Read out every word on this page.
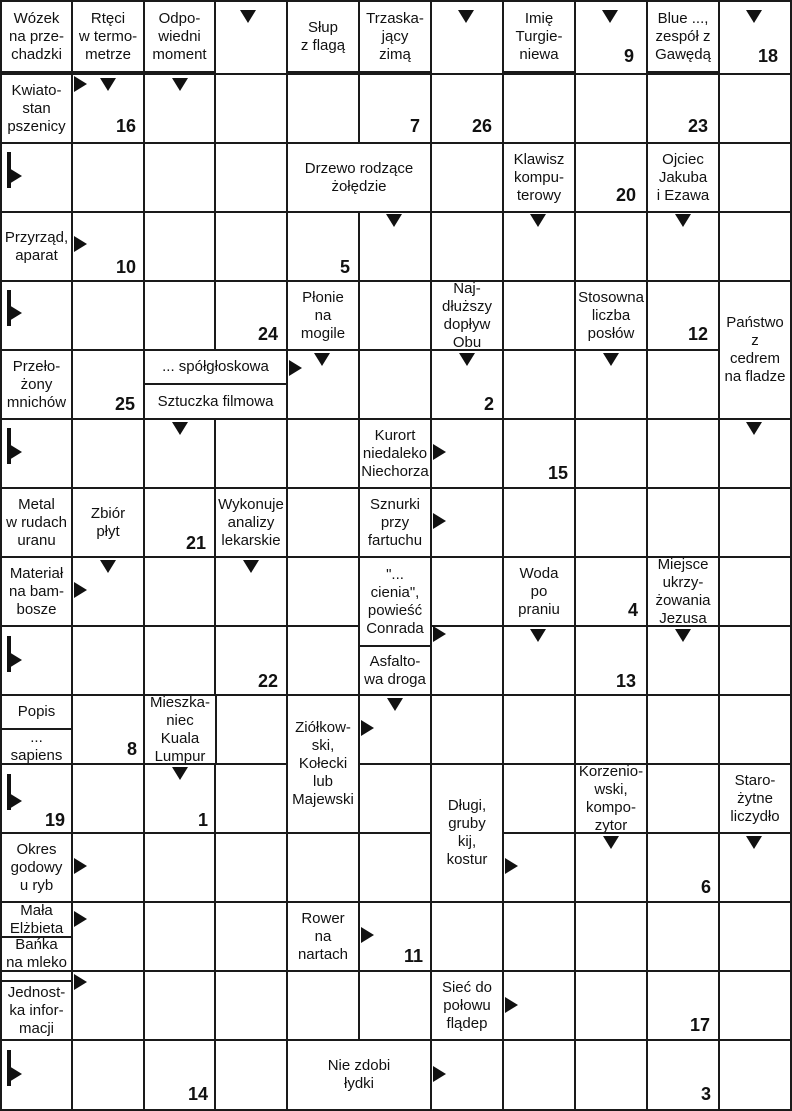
Wózek
na prze-
chadzki
Rtęci
w termo-
metrze
Odpo-
wiedni
moment
Słup
z flagą
Trzaska-
jący
zimą
Imię
Turgie-
niewa
Blue ...,
zespół z
Gawędą
Kwiato-
stan
pszenicy
Drzewo rodzące
żołędzie
Klawisz
kompu-
terowy
Ojciec
Jakuba
i Ezawa
Przyrząd,
aparat
Płonie
na
mogile
Naj-
dłuższy
dopływ
Obu
Stosowna
liczba
posłów
Państwo
z
cedrem
na fladze
Przeło-
żony
mnichów
... spółgłoskowa
Sztuczka filmowa
Kurort
niedaleko
Niechorza
Metal
w rudach
uranu
Zbiór
płyt
Wykonuje
analizy
lekarskie
Sznurki
przy
fartuchu
Materiał
na bam-
bosze
"...
cienia",
powieść
Conrada
Woda
po
praniu
Miejsce
ukrzy-
żowania
Jezusa
Asfalto-
wa droga
Popis
...
sapiens
Mieszka-
niec
Kuala
Lumpur
Ziółkow-
ski,
Kołecki
lub
Majewski
Korzenio-
wski,
kompo-
zytor
Staro-
żytne
liczydło
Długi,
gruby
kij,
kostur
Okres
godowy
u ryb
Mała
Elżbieta
Rower
na
nartach
Bańka
na mleko
Sieć do
połowu
flądер
Jednost-
ka infor-
macji
Nie zdobi
łydki
9	18
16	7	26	23
20
10	5
24	12
25	2
15
21
4
22	13
8
19	1
6
11
17
14	3
